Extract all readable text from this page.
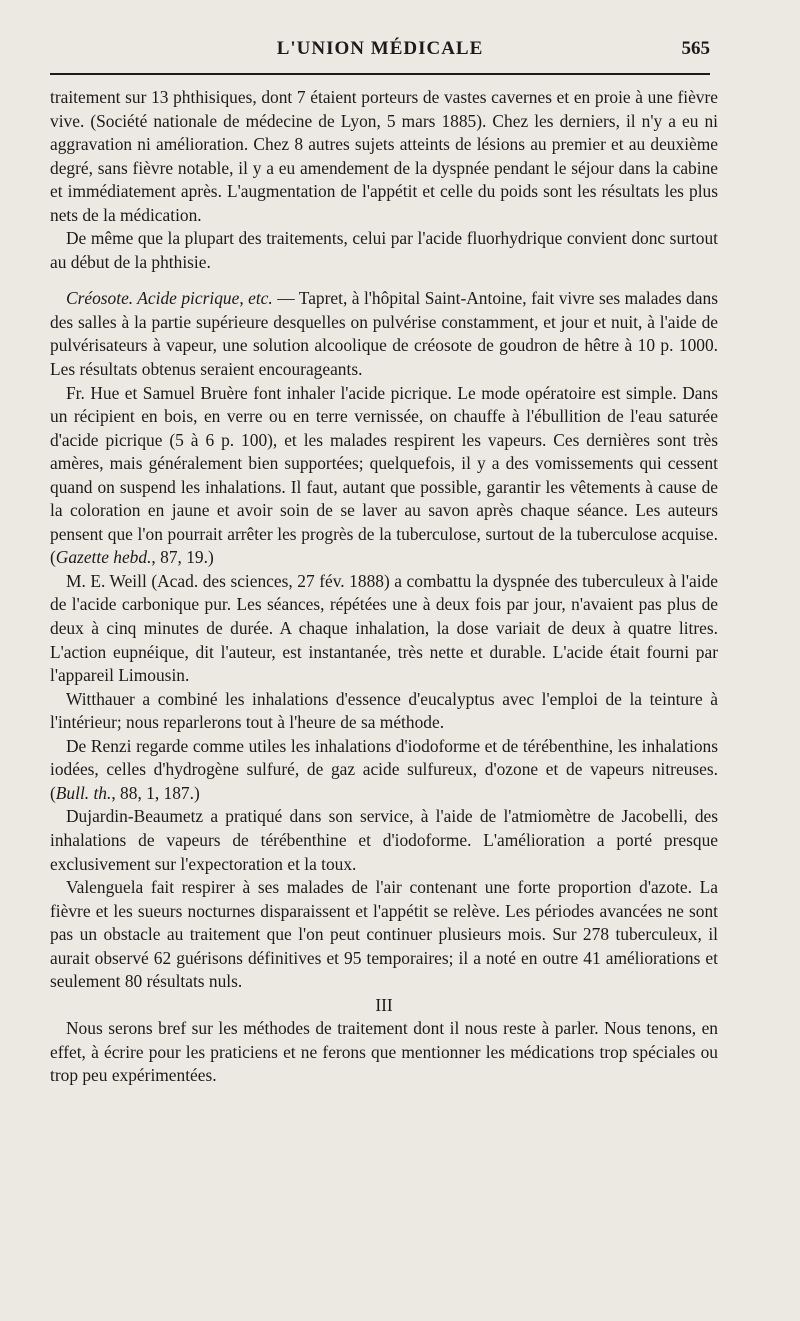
L'UNION MÉDICALE	565

traitement sur 13 phthisiques, dont 7 étaient porteurs de vastes cavernes et en proie à une fièvre vive. (Société nationale de médecine de Lyon, 5 mars 1885). Chez les derniers, il n'y a eu ni aggravation ni amélioration. Chez 8 autres sujets atteints de lésions au premier et au deuxième degré, sans fièvre notable, il y a eu amendement de la dyspnée pendant le séjour dans la cabine et immédiatement après. L'augmentation de l'appétit et celle du poids sont les résultats les plus nets de la médication.

De même que la plupart des traitements, celui par l'acide fluorhydrique convient donc surtout au début de la phthisie.

Créosote. Acide picrique, etc. — Tapret, à l'hôpital Saint-Antoine, fait vivre ses malades dans des salles à la partie supérieure desquelles on pulvérise constamment, et jour et nuit, à l'aide de pulvérisateurs à vapeur, une solution alcoolique de créosote de goudron de hêtre à 10 p. 1000. Les résultats obtenus seraient encourageants.

Fr. Hue et Samuel Bruère font inhaler l'acide picrique. Le mode opératoire est simple. Dans un récipient en bois, en verre ou en terre vernissée, on chauffe à l'ébullition de l'eau saturée d'acide picrique (5 à 6 p. 100), et les malades respirent les vapeurs. Ces dernières sont très amères, mais généralement bien supportées; quelquefois, il y a des vomissements qui cessent quand on suspend les inhalations. Il faut, autant que possible, garantir les vêtements à cause de la coloration en jaune et avoir soin de se laver au savon après chaque séance. Les auteurs pensent que l'on pourrait arrêter les progrès de la tuberculose, surtout de la tuberculose acquise. (Gazette hebd., 87, 19.)

M. E. Weill (Acad. des sciences, 27 fév. 1888) a combattu la dyspnée des tuberculeux à l'aide de l'acide carbonique pur. Les séances, répétées une à deux fois par jour, n'avaient pas plus de deux à cinq minutes de durée. A chaque inhalation, la dose variait de deux à quatre litres. L'action eupnéique, dit l'auteur, est instantanée, très nette et durable. L'acide était fourni par l'appareil Limousin.

Witthauer a combiné les inhalations d'essence d'eucalyptus avec l'emploi de la teinture à l'intérieur; nous reparlerons tout à l'heure de sa méthode.

De Renzi regarde comme utiles les inhalations d'iodoforme et de térébenthine, les inhalations iodées, celles d'hydrogène sulfuré, de gaz acide sulfureux, d'ozone et de vapeurs nitreuses. (Bull. th., 88, 1, 187.)

Dujardin-Beaumetz a pratiqué dans son service, à l'aide de l'atmiomètre de Jacobelli, des inhalations de vapeurs de térébenthine et d'iodoforme. L'amélioration a porté presque exclusivement sur l'expectoration et la toux.

Valenguela fait respirer à ses malades de l'air contenant une forte proportion d'azote. La fièvre et les sueurs nocturnes disparaissent et l'appétit se relève. Les périodes avancées ne sont pas un obstacle au traitement que l'on peut continuer plusieurs mois. Sur 278 tuberculeux, il aurait observé 62 guérisons définitives et 95 temporaires; il a noté en outre 41 améliorations et seulement 80 résultats nuls.

III

Nous serons bref sur les méthodes de traitement dont il nous reste à parler. Nous tenons, en effet, à écrire pour les praticiens et ne ferons que mentionner les médications trop spéciales ou trop peu expérimentées.
